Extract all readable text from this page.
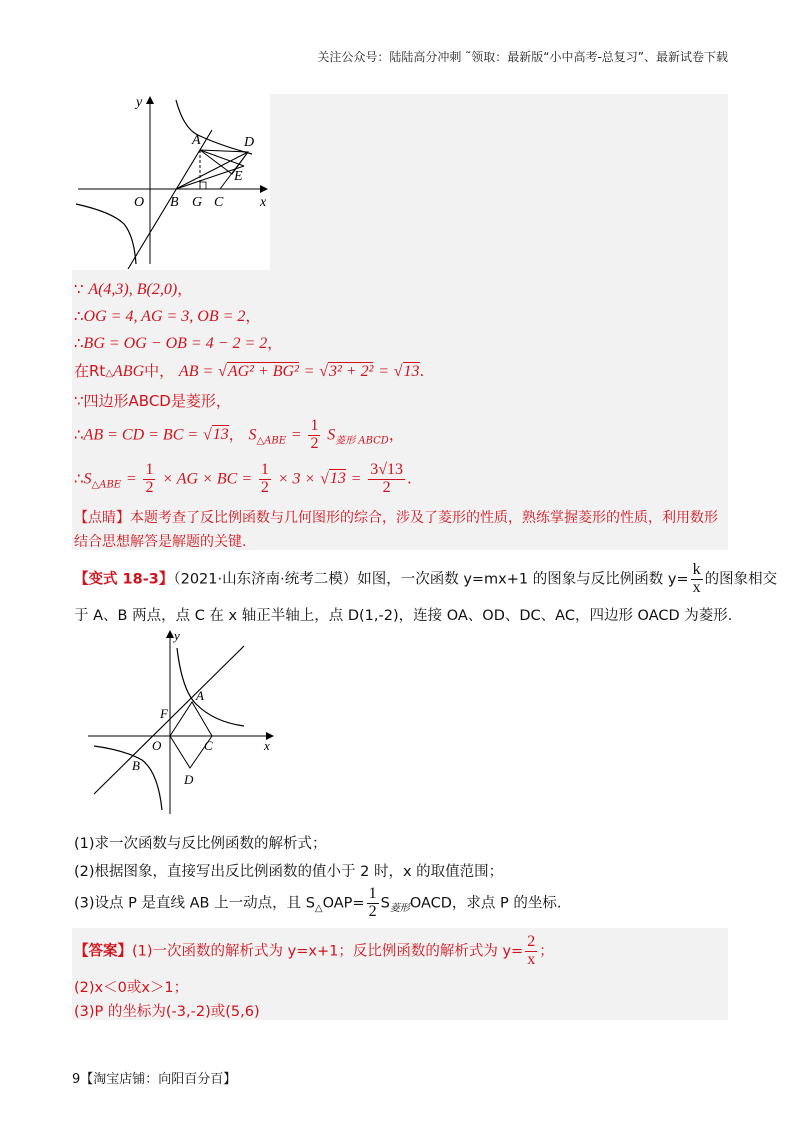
关注公众号：陆陆高分冲刺 ˜领取：最新版“小中高考-总复习”、最新试卷下载
y
A	D
E
O B G C	x
∵ A(4,3), B(2,0)，
∴OG = 4, AG = 3, OB = 2，
∴BG = OG − OB = 4 − 2 = 2，
在Rt△ABG中， AB = √AG² + BG² = √3² + 2² = √13.
∵四边形ABCD是菱形，
∴AB = CD = BC = √13， $S_{\triangle ABE} = \frac{1}{2} S_{菱形 ABCD}$，
$\therefore S_{\triangle ABE} = \frac{1}{2}$ × AG × BC = $\frac{1}{2} \times 3 \times √13 = \frac{3√13}{2}$ .
【点睛】本题考查了反比例函数与几何图形的综合，涉及了菱形的性质，熟练掌握菱形的性质，利用数形结合思想解答是解题的关键.
【变式 18-3】（2021·山东济南·统考二模）如图，一次函数 y=mx+1 的图象与反比例函数 $y= \frac{k}{x}$ 的图象相交
于 A、B 两点，点 C 在 x 轴正半轴上，点 D(1,-2)，连接 OA、OD、DC、AC，四边形 OACD 为菱形.
y
F
A
O	C	x
B
D
(1)求一次函数与反比例函数的解析式；
(2)根据图象，直接写出反比例函数的值小于 2 时，x 的取值范围；
(3)设点 P 是直线 AB 上一动点，且 $S_\triangle OAP= \frac{1}{2}$ $S_{菱形}OACD$，求点 P 的坐标.
【答案】(1)一次函数的解析式为 y=x+1；反比例函数的解析式为 $y= \frac{2}{x}$ ；
(2)x＜0或x＞1；
(3)P 的坐标为(-3,-2)或(5,6)
9【淘宝店铺：向阳百分百】
